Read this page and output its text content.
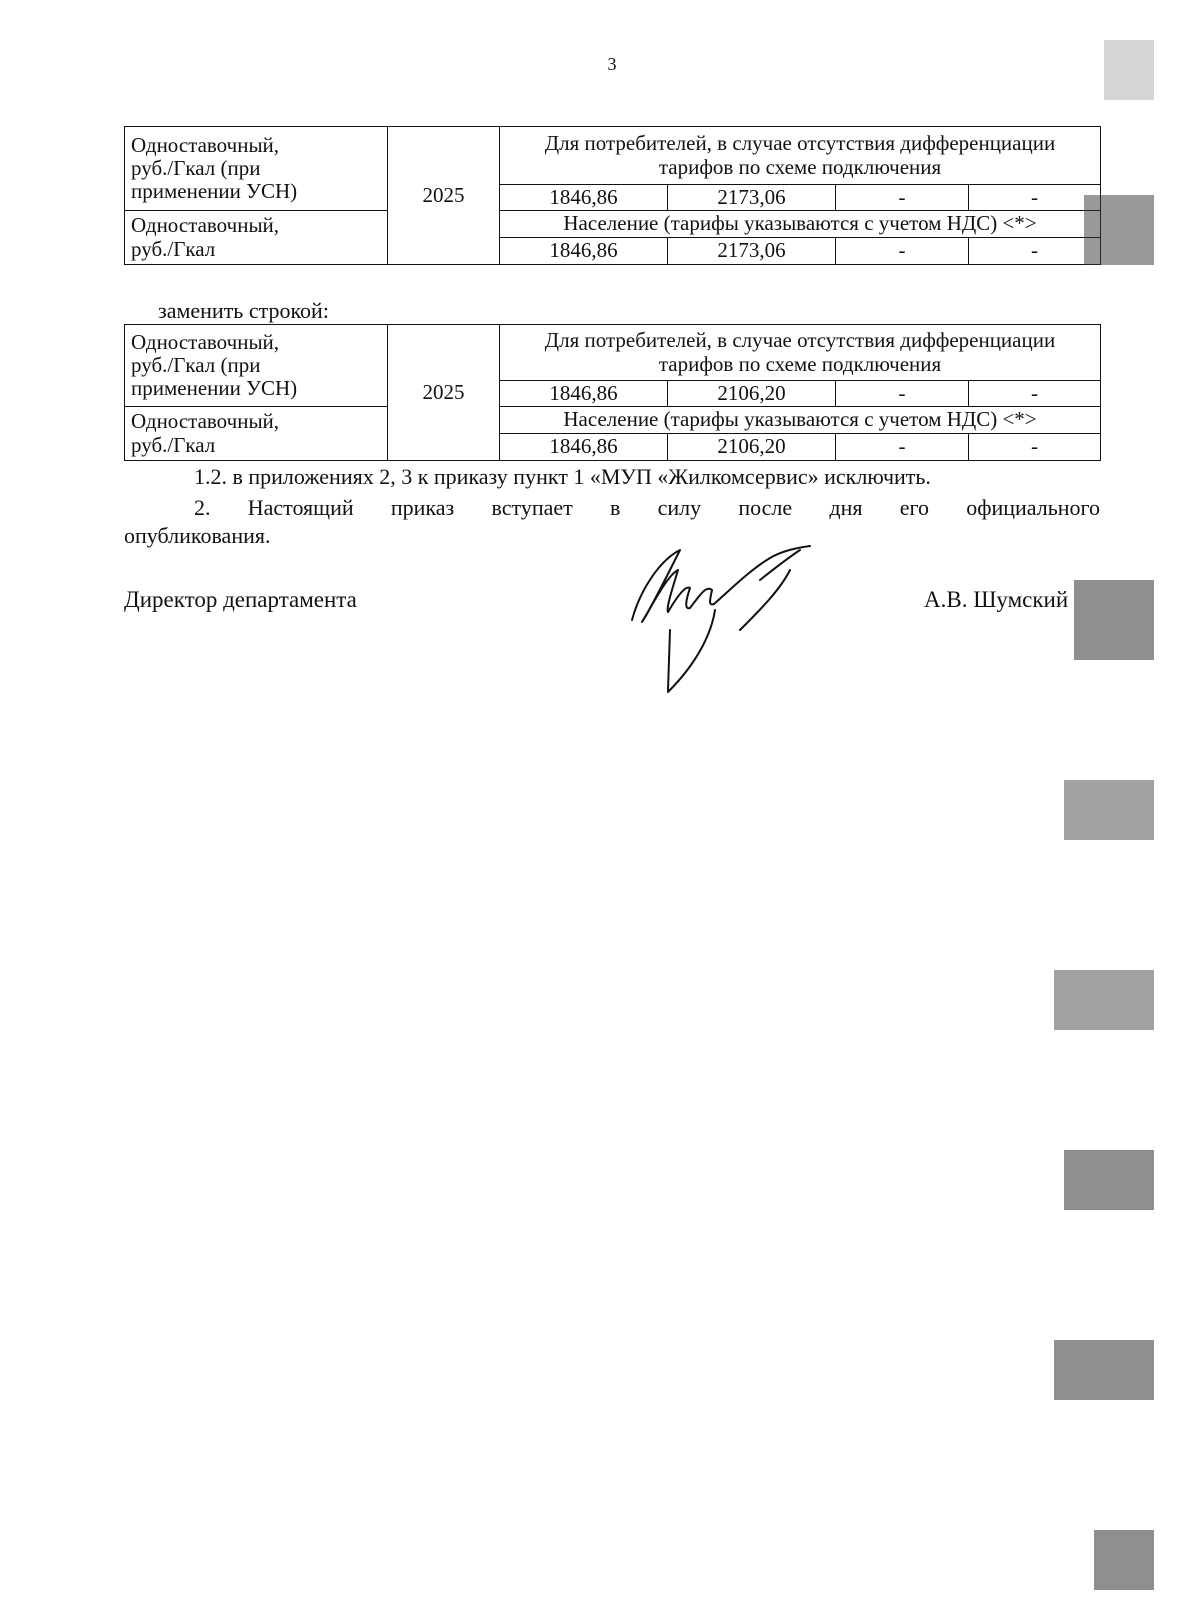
3
Одноставочный,
руб./Гкал (при
применении УСН)	2025	Для потребителей, в случае отсутствия дифференциации тарифов по схеме подключения			
		1846,86	2173,06	-	-

Одноставочный,
руб./Гкал		Население (тарифы указываются с учетом НДС) <*>			
		1846,86	2173,06	-	-
заменить строкой:
Одноставочный,
руб./Гкал (при
применении УСН)	2025	Для потребителей, в случае отсутствия дифференциации тарифов по схеме подключения			
		1846,86	2106,20	-	-

Одноставочный,
руб./Гкал		Население (тарифы указываются с учетом НДС) <*>			
		1846,86	2106,20	-	-
1.2. в приложениях 2, 3 к приказу пункт 1 «МУП «Жилкомсервис» исключить.
2. Настоящий приказ вступает в силу после дня его официального
опубликования.
Директор департамента	А.В. Шумский
